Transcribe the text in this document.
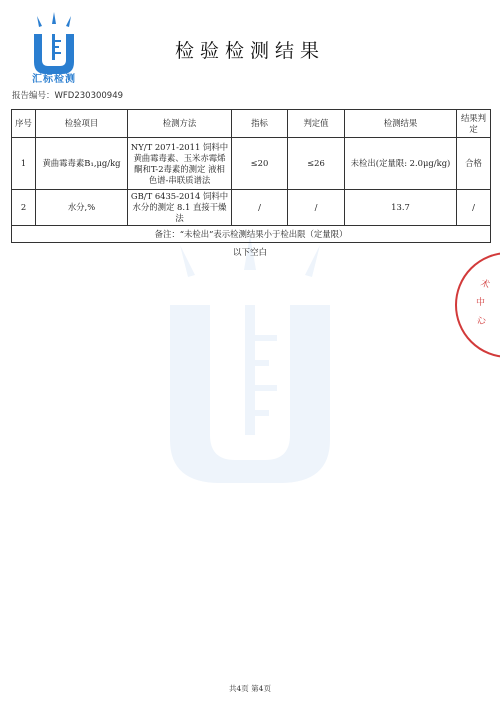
汇标检测
检验检测结果
报告编号：WFD230300949
序号	检验项目	检测方法	指标	判定值	检测结果	结果判定
1	黄曲霉毒素B₁,μg/kg	NY/T 2071-2011 饲料中黄曲霉毒素、玉米赤霉烯酮和T-2毒素的测定 液相色谱-串联质谱法	≤20	≤26	未检出(定量限: 2.0μg/kg)	合格
2	水分,%	GB/T 6435-2014 饲料中水分的测定 8.1 直接干燥法	/	/	13.7	/
备注：“未检出”表示检测结果小于检出限（定量限）						
以下空白
术
中
心
共4页 第4页
